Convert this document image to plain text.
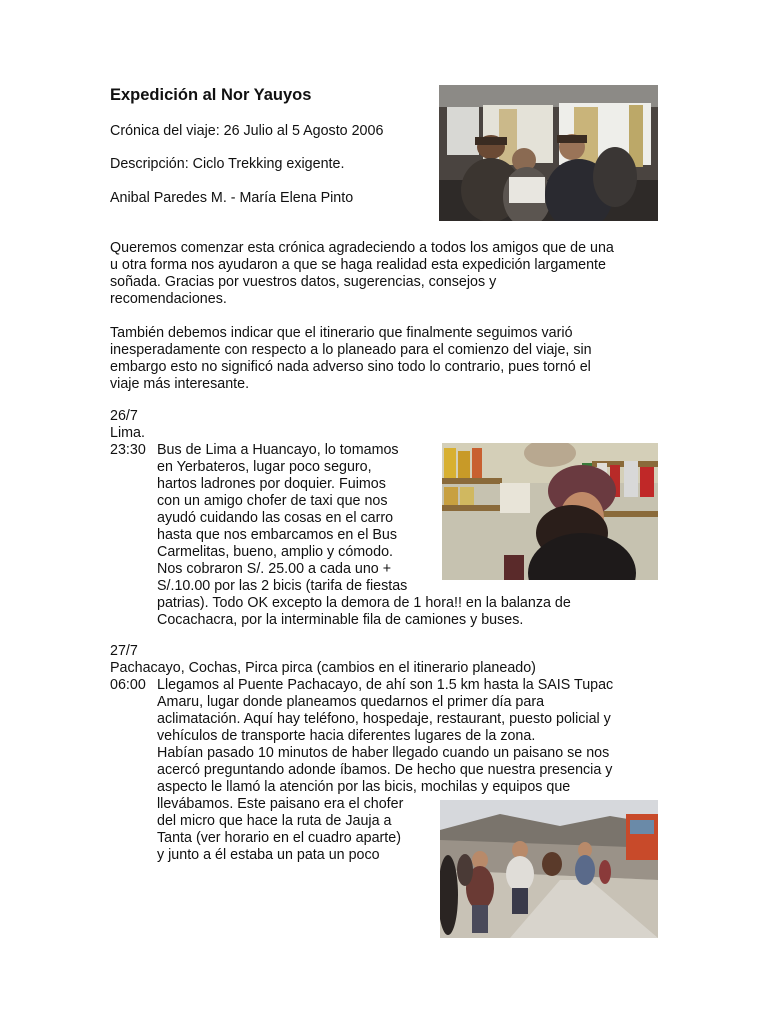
Expedición al Nor Yauyos
Crónica del viaje: 26 Julio al 5 Agosto 2006
Descripción: Ciclo Trekking exigente.
Anibal Paredes M. - María Elena Pinto
Queremos comenzar esta crónica agradeciendo a todos los amigos que de una
u otra forma nos ayudaron a que se haga realidad esta expedición largamente
soñada. Gracias por vuestros datos, sugerencias, consejos y
recomendaciones.
También debemos indicar que el itinerario que finalmente seguimos varió
inesperadamente con respecto a lo planeado para el comienzo del viaje, sin
embargo esto no significó nada adverso sino todo lo contrario, pues tornó el
viaje más interesante.
26/7
Lima.
23:30 Bus de Lima a Huancayo, lo tomamos
en Yerbateros, lugar poco seguro,
hartos ladrones por doquier. Fuimos
con un amigo chofer de taxi que nos
ayudó cuidando las cosas en el carro
hasta que nos embarcamos en el Bus
Carmelitas, bueno, amplio y cómodo.
Nos cobraron S/. 25.00 a cada uno +
S/.10.00 por las 2 bicis (tarifa de fiestas
patrias). Todo OK excepto la demora de 1 hora!! en la balanza de
Cocachacra, por la interminable fila de camiones y buses.
27/7
Pachacayo, Cochas, Pirca pirca (cambios en el itinerario planeado)
06:00 Llegamos al Puente Pachacayo, de ahí son 1.5 km hasta la SAIS Tupac
Amaru, lugar donde planeamos quedarnos el primer día para
aclimatación. Aquí hay teléfono, hospedaje, restaurant, puesto policial y
vehículos de transporte hacia diferentes lugares de la zona.
Habían pasado 10 minutos de haber llegado cuando un paisano se nos
acercó preguntando adonde íbamos. De hecho que nuestra presencia y
aspecto le llamó la atención por las bicis, mochilas y equipos que
llevábamos. Este paisano era el chofer
del micro que hace la ruta de Jauja a
Tanta (ver horario en el cuadro aparte)
y junto a él estaba un pata un poco
